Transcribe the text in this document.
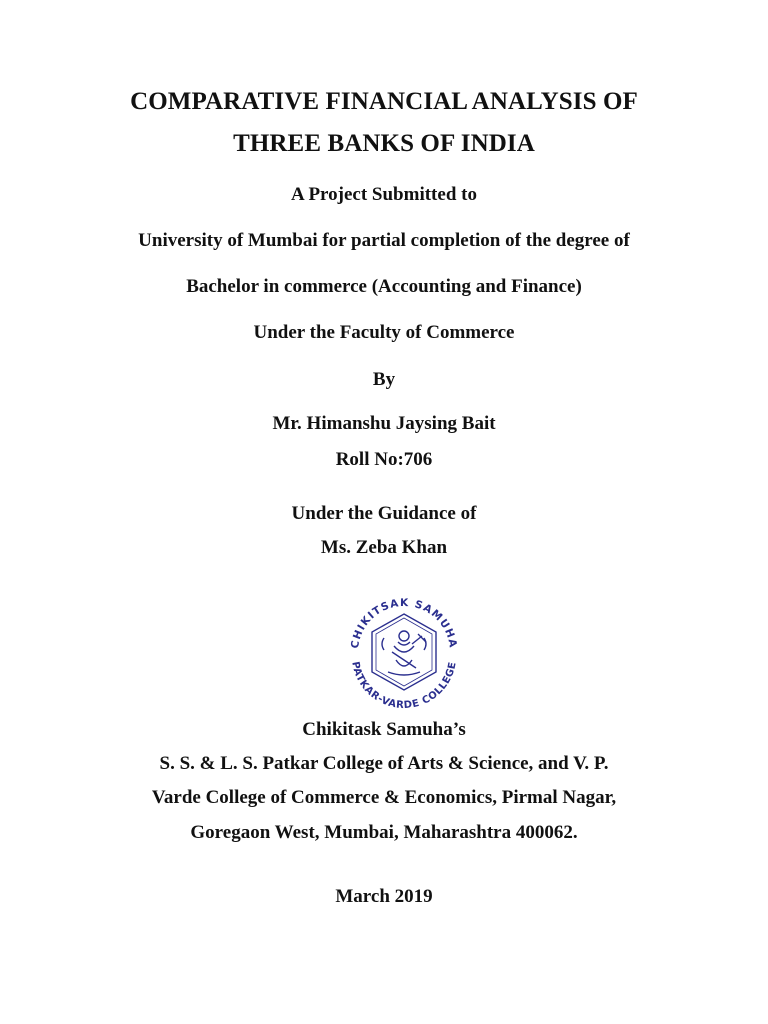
COMPARATIVE FINANCIAL ANALYSIS OF
THREE BANKS OF INDIA
A Project Submitted to
University of Mumbai for partial completion of the degree of
Bachelor in commerce (Accounting and Finance)
Under the Faculty of Commerce
By
Mr. Himanshu Jaysing Bait
Roll No:706
Under the Guidance of
Ms. Zeba Khan
CHIKITSAK SAMUHA
PATKAR-VARDE COLLEGE
Chikitask Samuha’s
S. S. & L. S. Patkar College of Arts & Science, and V. P.
Varde College of Commerce & Economics, Pirmal Nagar,
Goregaon West, Mumbai, Maharashtra 400062.
March 2019
